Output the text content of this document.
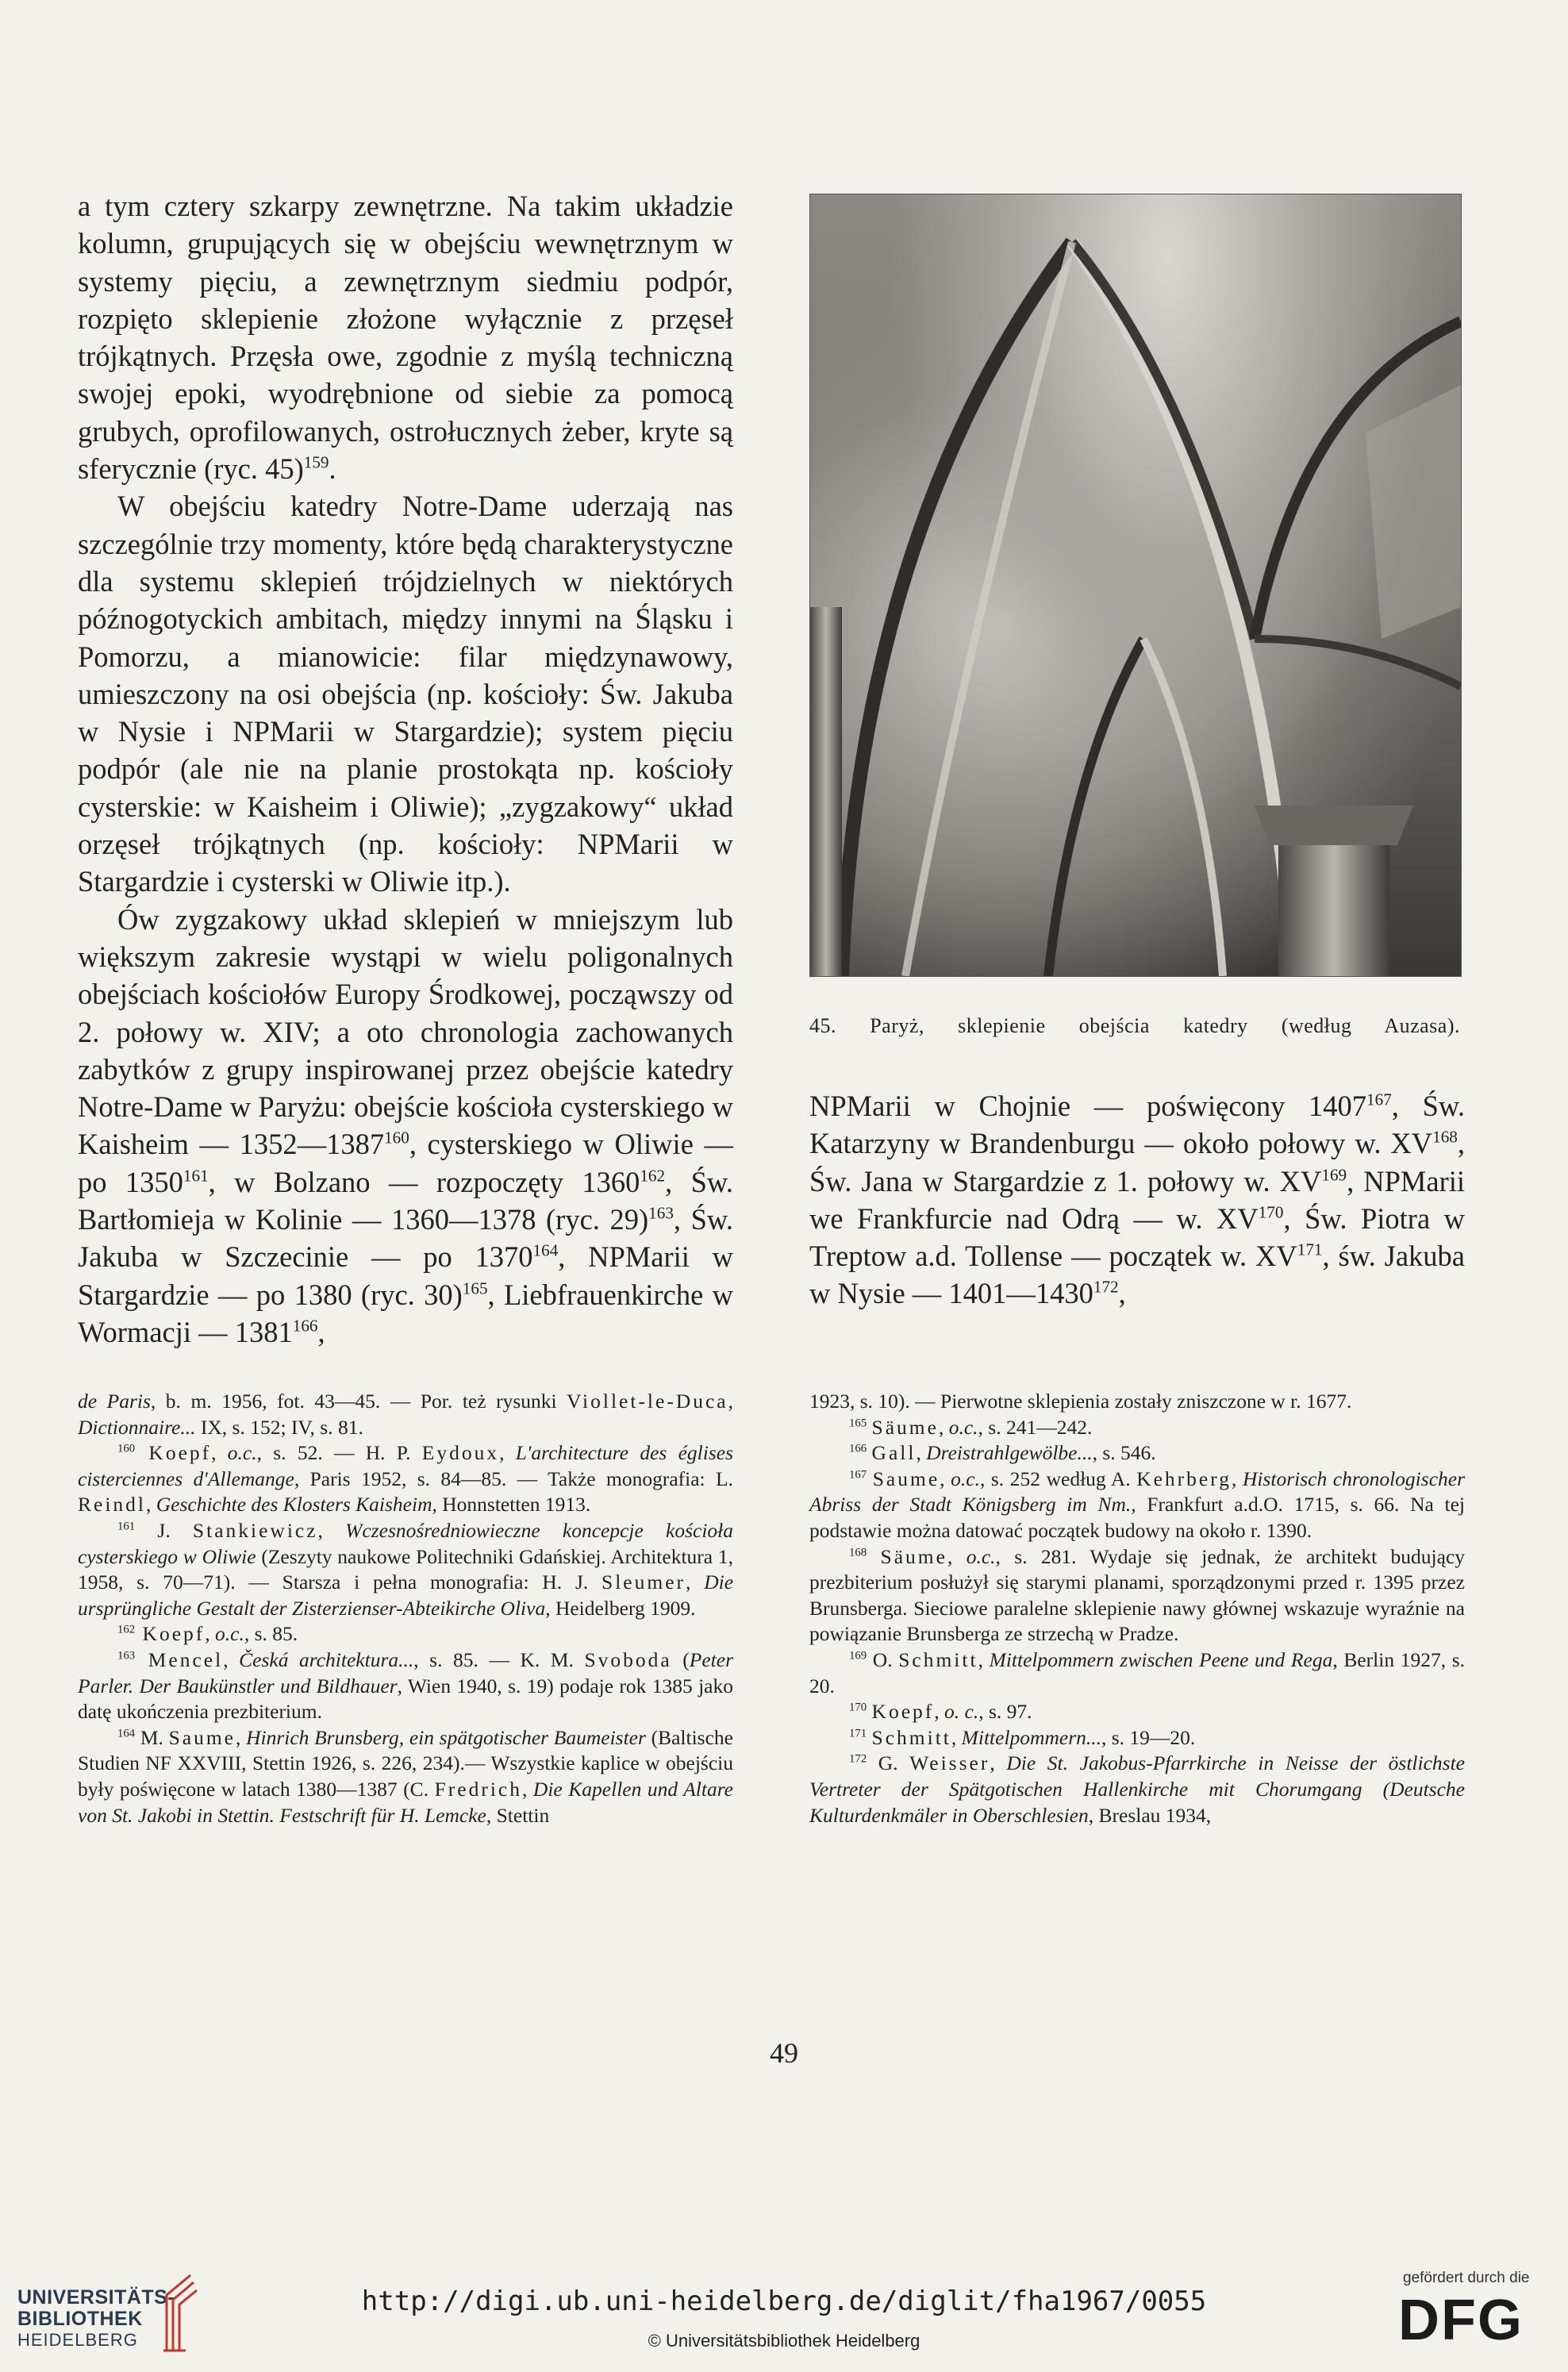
a tym cztery szkarpy zewnętrzne. Na takim układzie kolumn, grupujących się w obejściu wewnętrznym w systemy pięciu, a zewnętrznym siedmiu podpór, rozpięto sklepienie złożone wyłącznie z przęseł trójkątnych. Przęsła owe, zgodnie z myślą techniczną swojej epoki, wyodrębnione od siebie za pomocą grubych, oprofilowanych, ostrołucznych żeber, kryte są sferycznie (ryc. 45)$^{159}$.

W obejściu katedry Notre-Dame uderzają nas szczególnie trzy momenty, które będą charakterystyczne dla systemu sklepień trójdzielnych w niektórych późnogotyckich ambitach, między innymi na Śląsku i Pomorzu, a mianowicie: filar międzynawowy, umieszczony na osi obejścia (np. kościoły: Św. Jakuba w Nysie i NPMarii w Stargardzie); system pięciu podpór (ale nie na planie prostokąta np. kościoły cysterskie: w Kaisheim i Oliwie); „zygzakowy“ układ orzęseł trójkątnych (np. kościoły: NPMarii w Stargardzie i cysterski w Oliwie itp.).

Ów zygzakowy układ sklepień w mniejszym lub większym zakresie wystąpi w wielu poligonalnych obejściach kościołów Europy Środkowej, począwszy od 2. połowy w. XIV; a oto chronologia zachowanych zabytków z grupy inspirowanej przez obejście katedry Notre-Dame w Paryżu: obejście kościoła cysterskiego w Kaisheim — 1352—1387$^{160}$, cysterskiego w Oliwie — po 1350$^{161}$, w Bolzano — rozpoczęty 1360$^{162}$, Św. Bartłomieja w Kolinie — 1360—1378 (ryc. 29)$^{163}$, Św. Jakuba w Szczecinie — po 1370$^{164}$, NPMarii w Stargardzie — po 1380 (ryc. 30)$^{165}$, Liebfrauenkirche w Wormacji — 1381$^{166}$,

45. Paryż, sklepienie obejścia katedry (według Auzasa).

NPMarii w Chojnie — poświęcony 1407$^{167}$, Św. Katarzyny w Brandenburgu — około połowy w. XV$^{168}$, Św. Jana w Stargardzie z 1. połowy w. XV$^{169}$, NPMarii we Frankfurcie nad Odrą — w. XV$^{170}$, Św. Piotra w Treptow a.d. Tollense — początek w. XV$^{171}$, św. Jakuba w Nysie — 1401—1430$^{172}$,

de Paris, b. m. 1956, fot. 43—45. — Por. też rysunki Viollet-le-Duca, Dictionnaire... IX, s. 152; IV, s. 81.

$^{160}$ Koepf, o.c., s. 52. — H. P. Eydoux, L'architecture des églises cisterciennes d'Allemange, Paris 1952, s. 84—85. — Także monografia: L. Reindl, Geschichte des Klosters Kaisheim, Honnstetten 1913.

$^{161}$ J. Stankiewicz, Wczesnośredniowieczne koncepcje kościoła cysterskiego w Oliwie (Zeszyty naukowe Politechniki Gdańskiej. Architektura 1, 1958, s. 70—71). — Starsza i pełna monografia: H. J. Sleumer, Die ursprüngliche Gestalt der Zisterzienser-Abteikirche Oliva, Heidelberg 1909.

$^{162}$ Koepf, o.c., s. 85.

$^{163}$ Mencel, Česká architektura..., s. 85. — K. M. Svoboda (Peter Parler. Der Baukünstler und Bildhauer, Wien 1940, s. 19) podaje rok 1385 jako datę ukończenia prezbiterium.

$^{164}$ M. Saume, Hinrich Brunsberg, ein spätgotischer Baumeister (Baltische Studien NF XXVIII, Stettin 1926, s. 226, 234).— Wszystkie kaplice w obejściu były poświęcone w latach 1380—1387 (C. Fredrich, Die Kapellen und Altare von St. Jakobi in Stettin. Festschrift für H. Lemcke, Stettin

1923, s. 10). — Pierwotne sklepienia zostały zniszczone w r. 1677.

$^{165}$ Säume, o.c., s. 241—242.

$^{166}$ Gall, Dreistrahlgewölbe..., s. 546.

$^{167}$ Saume, o.c., s. 252 według A. Kehrberg, Historisch chronologischer Abriss der Stadt Königsberg im Nm., Frankfurt a.d.O. 1715, s. 66. Na tej podstawie można datować początek budowy na około r. 1390.

$^{168}$ Säume, o.c., s. 281. Wydaje się jednak, że architekt budujący prezbiterium posłużył się starymi planami, sporządzonymi przed r. 1395 przez Brunsberga. Sieciowe paralelne sklepienie nawy głównej wskazuje wyraźnie na powiązanie Brunsberga ze strzechą w Pradze.

$^{169}$ O. Schmitt, Mittelpommern zwischen Peene und Rega, Berlin 1927, s. 20.

$^{170}$ Koepf, o. c., s. 97.

$^{171}$ Schmitt, Mittelpommern..., s. 19—20.

$^{172}$ G. Weisser, Die St. Jakobus-Pfarrkirche in Neisse der östlichste Vertreter der Spätgotischen Hallenkirche mit Chorumgang (Deutsche Kulturdenkmäler in Oberschlesien, Breslau 1934,

49
UNIVERSITÄTS-
BIBLIOTHEK
HEIDELBERG
http://digi.ub.uni-heidelberg.de/diglit/fha1967/0055
© Universitätsbibliothek Heidelberg
gefördert durch die
DFG
